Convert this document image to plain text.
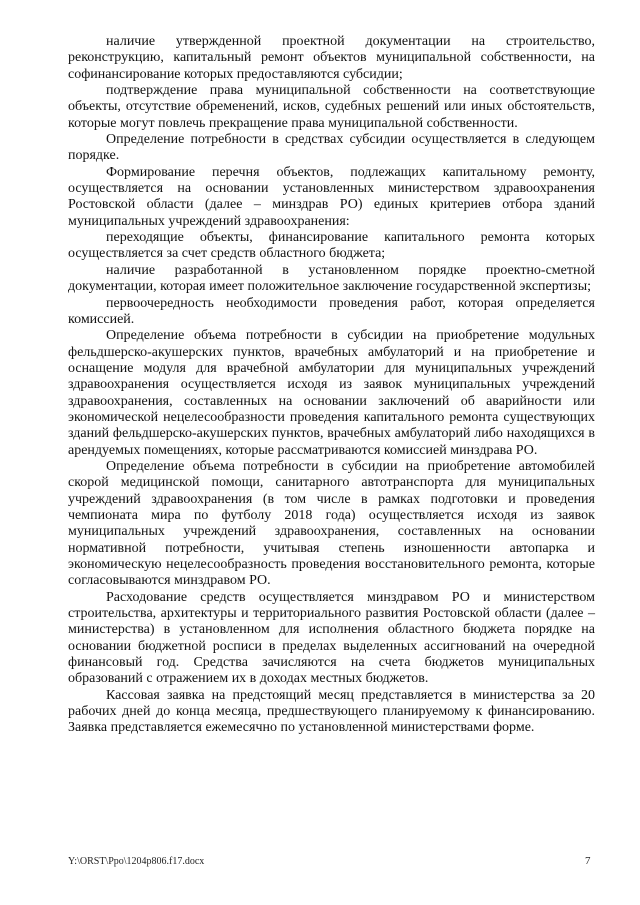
наличие утвержденной проектной документации на строительство, реконструкцию, капитальный ремонт объектов муниципальной собственности, на софинансирование которых предоставляются субсидии;

подтверждение права муниципальной собственности на соответствующие объекты, отсутствие обременений, исков, судебных решений или иных обстоятельств, которые могут повлечь прекращение права муниципальной собственности.

Определение потребности в средствах субсидии осуществляется в следующем порядке.

Формирование перечня объектов, подлежащих капитальному ремонту, осуществляется на основании установленных министерством здравоохранения Ростовской области (далее – минздрав РО) единых критериев отбора зданий муниципальных учреждений здравоохранения:

переходящие объекты, финансирование капитального ремонта которых осуществляется за счет средств областного бюджета;

наличие разработанной в установленном порядке проектно-сметной документации, которая имеет положительное заключение государственной экспертизы;

первоочередность необходимости проведения работ, которая определяется комиссией.

Определение объема потребности в субсидии на приобретение модульных фельдшерско-акушерских пунктов, врачебных амбулаторий и на приобретение и оснащение модуля для врачебной амбулатории для муниципальных учреждений здравоохранения осуществляется исходя из заявок муниципальных учреждений здравоохранения, составленных на основании заключений об аварийности или экономической нецелесообразности проведения капитального ремонта существующих зданий фельдшерско-акушерских пунктов, врачебных амбулаторий либо находящихся в арендуемых помещениях, которые рассматриваются комиссией минздрава РО.

Определение объема потребности в субсидии на приобретение автомобилей скорой медицинской помощи, санитарного автотранспорта для муниципальных учреждений здравоохранения (в том числе в рамках подготовки и проведения чемпионата мира по футболу 2018 года) осуществляется исходя из заявок муниципальных учреждений здравоохранения, составленных на основании нормативной потребности, учитывая степень изношенности автопарка и экономическую нецелесообразность проведения восстановительного ремонта, которые согласовываются минздравом РО.

Расходование средств осуществляется минздравом РО и министерством строительства, архитектуры и территориального развития Ростовской области (далее – министерства) в установленном для исполнения областного бюджета порядке на основании бюджетной росписи в пределах выделенных ассигнований на очередной финансовый год. Средства зачисляются на счета бюджетов муниципальных образований с отражением их в доходах местных бюджетов.

Кассовая заявка на предстоящий месяц представляется в министерства за 20 рабочих дней до конца месяца, предшествующего планируемому к финансированию. Заявка представляется ежемесячно по установленной министерствами форме.

Y:\ORST\Ppo\1204p806.f17.docx	7
